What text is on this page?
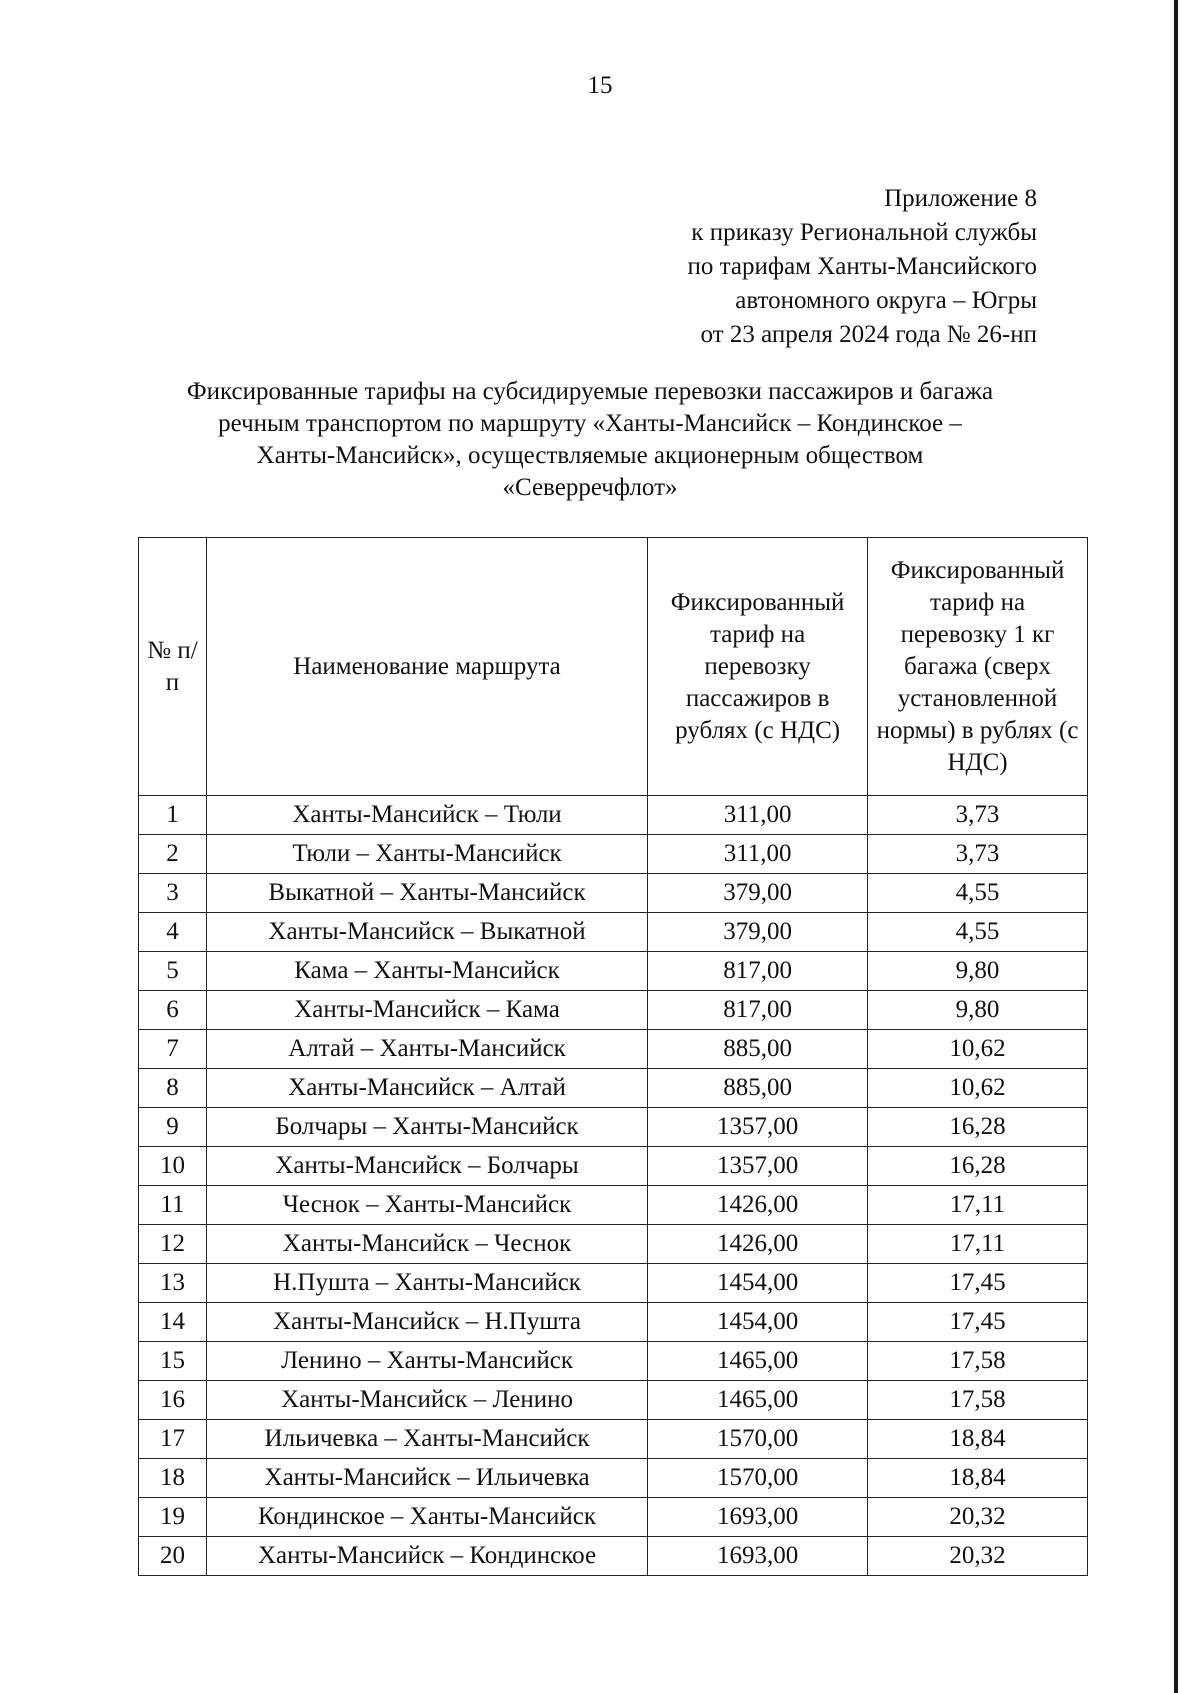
15
Приложение 8
к приказу Региональной службы
по тарифам Ханты-Мансийского
автономного округа – Югры
от 23 апреля 2024 года № 26-нп
Фиксированные тарифы на субсидируемые перевозки пассажиров и багажа
речным транспортом по маршруту «Ханты-Мансийск – Кондинское –
Ханты-Мансийск», осуществляемые акционерным обществом
«Северречфлот»
№ п/п	Наименование маршрута	Фиксированный тариф на перевозку пассажиров в рублях (с НДС)	Фиксированный тариф на перевозку 1 кг багажа (сверх установленной нормы) в рублях (с НДС)
1	Ханты-Мансийск – Тюли	311,00	3,73
2	Тюли – Ханты-Мансийск	311,00	3,73
3	Выкатной – Ханты-Мансийск	379,00	4,55
4	Ханты-Мансийск – Выкатной	379,00	4,55
5	Кама – Ханты-Мансийск	817,00	9,80
6	Ханты-Мансийск – Кама	817,00	9,80
7	Алтай – Ханты-Мансийск	885,00	10,62
8	Ханты-Мансийск – Алтай	885,00	10,62
9	Болчары – Ханты-Мансийск	1357,00	16,28
10	Ханты-Мансийск – Болчары	1357,00	16,28
11	Чеснок – Ханты-Мансийск	1426,00	17,11
12	Ханты-Мансийск – Чеснок	1426,00	17,11
13	Н.Пушта – Ханты-Мансийск	1454,00	17,45
14	Ханты-Мансийск – Н.Пушта	1454,00	17,45
15	Ленино – Ханты-Мансийск	1465,00	17,58
16	Ханты-Мансийск – Ленино	1465,00	17,58
17	Ильичевка – Ханты-Мансийск	1570,00	18,84
18	Ханты-Мансийск – Ильичевка	1570,00	18,84
19	Кондинское – Ханты-Мансийск	1693,00	20,32
20	Ханты-Мансийск – Кондинское	1693,00	20,32
